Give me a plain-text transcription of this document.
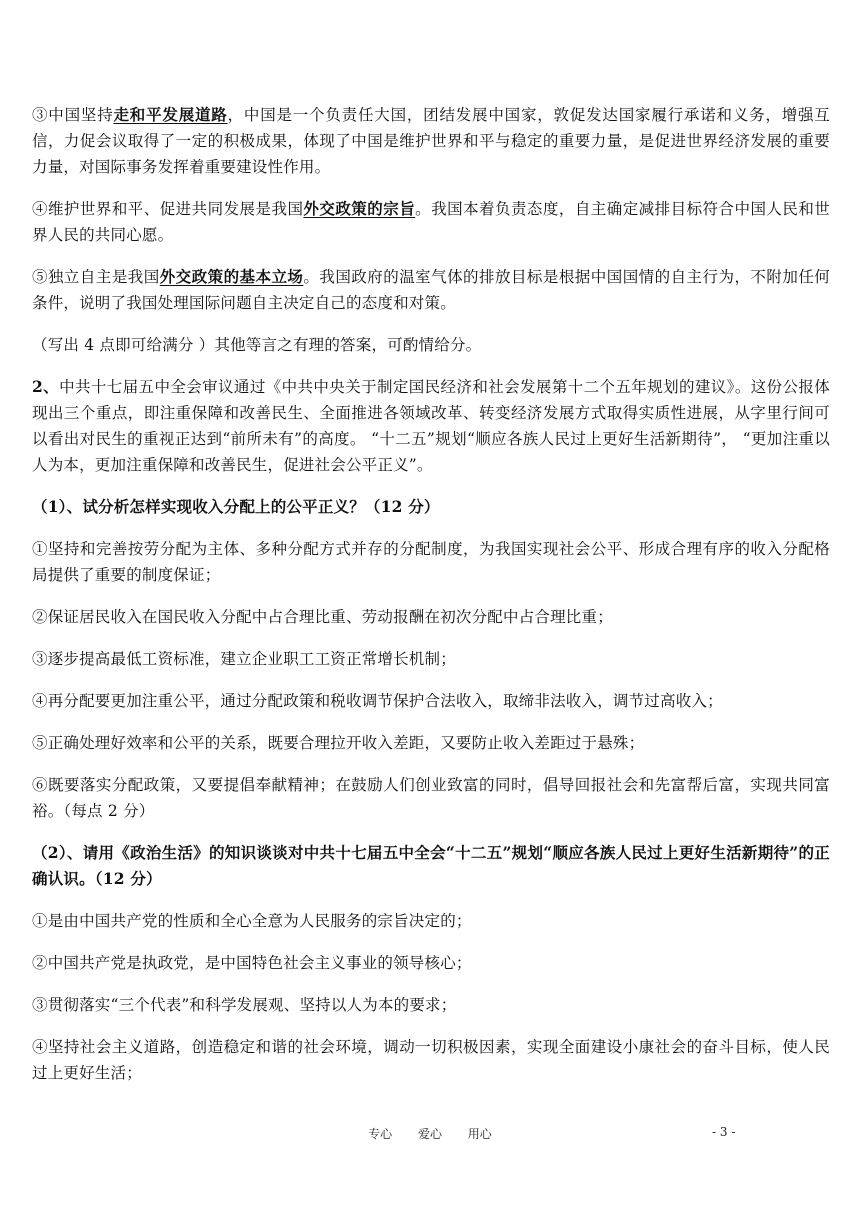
③中国坚持走和平发展道路，中国是一个负责任大国，团结发展中国家，敦促发达国家履行承诺和义务，增强互信，力促会议取得了一定的积极成果，体现了中国是维护世界和平与稳定的重要力量，是促进世界经济发展的重要力量，对国际事务发挥着重要建设性作用。

④维护世界和平、促进共同发展是我国外交政策的宗旨。我国本着负责态度，自主确定减排目标符合中国人民和世界人民的共同心愿。

⑤独立自主是我国外交政策的基本立场。我国政府的温室气体的排放目标是根据中国国情的自主行为，不附加任何条件，说明了我国处理国际问题自主决定自己的态度和对策。

（写出 4 点即可给满分 ）其他等言之有理的答案，可酌情给分。

2、中共十七届五中全会审议通过《中共中央关于制定国民经济和社会发展第十二个五年规划的建议》。这份公报体现出三个重点，即注重保障和改善民生、全面推进各领域改革、转变经济发展方式取得实质性进展，从字里行间可以看出对民生的重视正达到“前所未有”的高度。 “十二五”规划“顺应各族人民过上更好生活新期待”， “更加注重以人为本，更加注重保障和改善民生，促进社会公平正义”。

（1）、试分析怎样实现收入分配上的公平正义？（12 分）

①坚持和完善按劳分配为主体、多种分配方式并存的分配制度，为我国实现社会公平、形成合理有序的收入分配格局提供了重要的制度保证；

②保证居民收入在国民收入分配中占合理比重、劳动报酬在初次分配中占合理比重；

③逐步提高最低工资标准，建立企业职工工资正常增长机制；

④再分配要更加注重公平，通过分配政策和税收调节保护合法收入，取缔非法收入，调节过高收入；

⑤正确处理好效率和公平的关系，既要合理拉开收入差距，又要防止收入差距过于悬殊；

⑥既要落实分配政策，又要提倡奉献精神；在鼓励人们创业致富的同时，倡导回报社会和先富帮后富，实现共同富裕。（每点 2 分）

（2）、请用《政治生活》的知识谈谈对中共十七届五中全会“十二五”规划“顺应各族人民过上更好生活新期待”的正确认识。（12 分）

①是由中国共产党的性质和全心全意为人民服务的宗旨决定的；

②中国共产党是执政党，是中国特色社会主义事业的领导核心；

③贯彻落实“三个代表”和科学发展观、坚持以人为本的要求；

④坚持社会主义道路，创造稳定和谐的社会环境，调动一切积极因素，实现全面建设小康社会的奋斗目标，使人民过上更好生活；

专心 爱心 用心	- 3 -
